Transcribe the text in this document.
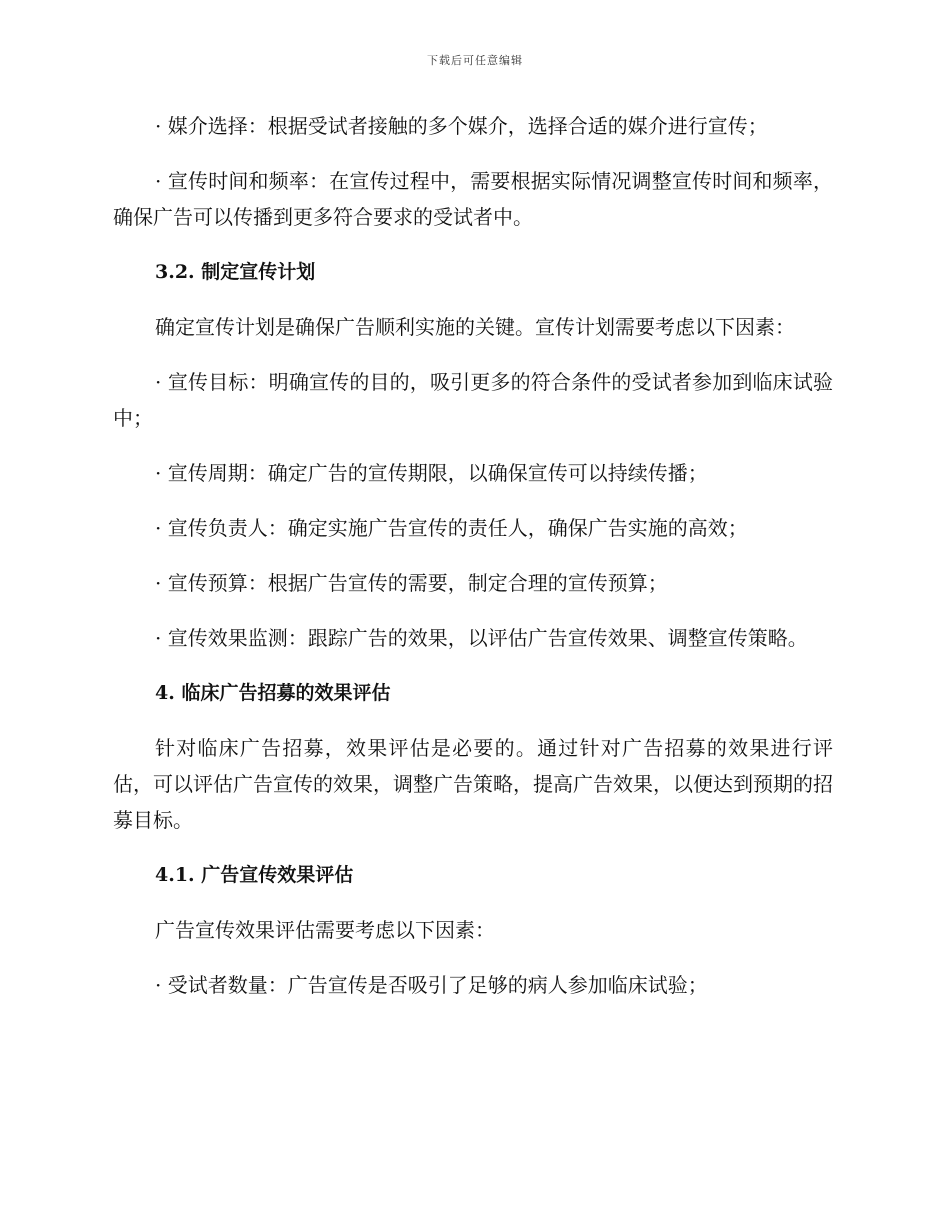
下载后可任意编辑

· 媒介选择：根据受试者接触的多个媒介，选择合适的媒介进行宣传；

· 宣传时间和频率：在宣传过程中，需要根据实际情况调整宣传时间和频率，确保广告可以传播到更多符合要求的受试者中。

3.2. 制定宣传计划

确定宣传计划是确保广告顺利实施的关键。宣传计划需要考虑以下因素：

· 宣传目标：明确宣传的目的，吸引更多的符合条件的受试者参加到临床试验中；

· 宣传周期：确定广告的宣传期限，以确保宣传可以持续传播；

· 宣传负责人：确定实施广告宣传的责任人，确保广告实施的高效；

· 宣传预算：根据广告宣传的需要，制定合理的宣传预算；

· 宣传效果监测：跟踪广告的效果，以评估广告宣传效果、调整宣传策略。

4. 临床广告招募的效果评估

针对临床广告招募，效果评估是必要的。通过针对广告招募的效果进行评估，可以评估广告宣传的效果，调整广告策略，提高广告效果，以便达到预期的招募目标。

4.1. 广告宣传效果评估

广告宣传效果评估需要考虑以下因素：

· 受试者数量：广告宣传是否吸引了足够的病人参加临床试验；
